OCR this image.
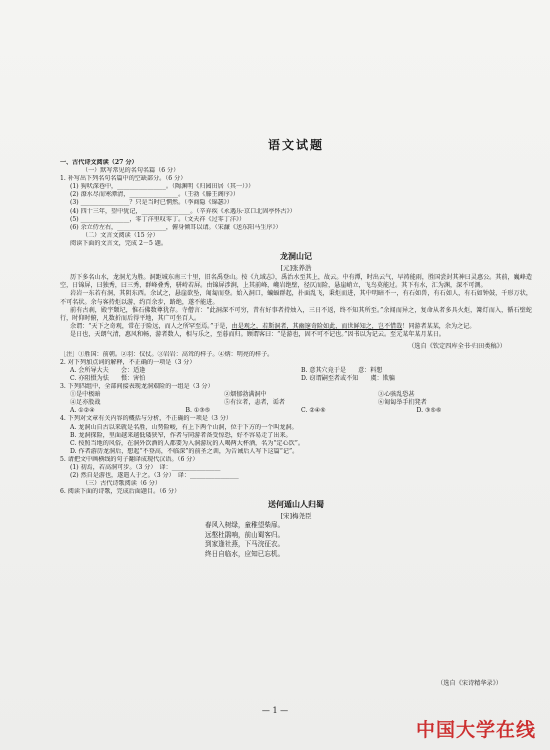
语文试题
一、古代诗文阅读（27 分）
（一）默写常见的名句名篇（6 分）
1. 补写出下列名句名篇中的空缺部分。（6 分）
(1) 狗吠深巷中，________________。（陶渊明《归园田居（其一）》）
(2) 潦水尽而寒潭清，________________。（王勃《滕王阁序》）
(3) ________________？只是当时已惘然。（李商隐《锦瑟》）
(4) 四十三年，望中犹记，________________。（辛弃疾《永遇乐·京口北固亭怀古》）
(5) ________________，零丁洋里叹零丁。（文天祥《过零丁洋》）
(6) 余立侍左右，________________，俯身倾耳以请。（宋濂《送东阳马生序》）
（二）文言文阅读（15 分）
阅读下面的文言文，完成 2－5 题。
龙洞山记
[元]张养浩
历下多名山水，龙洞尤为胜。洞距城东南三十里，旧名禹登山。按《九域志》，禹治水至其上，故云。中有潭，时出云气，早祷能雨，胜国尝封其神曰灵惠公。其前，巍峰造空，日锦屏，曰独秀，曰三秀，群峰叠秀，骈峙若屏。由锦屏涉涧，上其前峰，巉岩绝壁，径仄而险，悬崖峭立，飞鸟莫能过。其下有水，汇为渊，深不可测。
岩岩一东若有洞，其阴东西。余试之，悬崖欲坠，匍匐而登。始入洞口，蝙蝠群起，扑面乱飞，秉炬而进，其中明暗不一，有石如兽，有石如人，有石如钟鼓，千形万状，不可名状。余与客持炬以游，约百余步，路绝，遂不能进。
前有古刹，殿宇颓圮，惟石佛数尊犹存。寺僧言：“此洞深不可穷，昔有好事者持烛入，三日不返，终不知其所至。”余闻而异之，复命从者多具火炬，篝灯而入，循石壁蛇行，时仰时俯，凡数折而后得平地，其广可坐百人。
余谓：“天下之奇观，常在于险远，而人之所罕至焉。”于是，由是观之，若斯洞者，其幽邃奇险如此，而世鲜知之，岂不惜哉！同游者某某，余为之记。
是日也，天朗气清，惠风和畅，游者数人，相与乐之，至暮而归。顾谓客曰：“是游也，固不可不记也。”因书以为记云。至元某年某月某日。
（选自《钦定四库全书·归田类稿》）
［注］①胜国：前朝。②羽：仪仗。③岩岩：高耸的样子。④炳：明亮的样子。
2. 对下列加点词的解释，不正确的一项是（3 分）
A. 会所导大夫　　会：适逢	B. 意其穴竟于是　　意：料想
C. 亦阻慑为怯　　慑：害怕	D. 窃谓嗣至者或不知　　虞：欺骗
3. 下列四组中，全部间接表现龙洞艰险的一组是（3 分）
①是中极暗	②烟郁勃满洞中	③心骇乱恐甚
④足亦股战	⑤有泣者，恚者，诟者	⑥匍匐举手扪凳者
A. ①②④	B. ①③⑤	C. ②④⑥	D. ③⑤⑥
4. 下列对文章有关内容的概括与分析，不正确的一项是（3 分）
A. 龙洞山自古以来就是名胜，山势险峻，有上下两个山洞，位于下方的一个叫龙洞。
B. 龙洞探险，里面越来越低矮狭窄，作者与同游者备受惊恐，好不容易走了出来。
C. 按照当地的风俗，在洞外饮酒的人都要为入洞游玩的人喝两大杯酒，名为“定心饮”。
D. 作者游历龙洞后，想起“不登高，不临深”的前圣之训，为告诫后人写下这篇“记”。
5. 请把文中画横线的句子翻译成现代汉语。（6 分）
(1) 初焉，若高洞可步。（3 分）　译：________________
(2) 然自是游也，遂遣人于之。（3 分）　译：________________
（三）古代诗歌阅读（6 分）
6. 阅读下面的诗歌，完成后面题目。（6 分）
送何遁山人归蜀
[宋]梅尧臣
春风入树绿，童稚望柴扉。
远壑杜鹃响，前山蜀客归。
到家逢社燕，下马浣征衣。
终日自临水，应知已忘机。
（选自《宋诗精华录》）
— 1 —
中国大学在线
